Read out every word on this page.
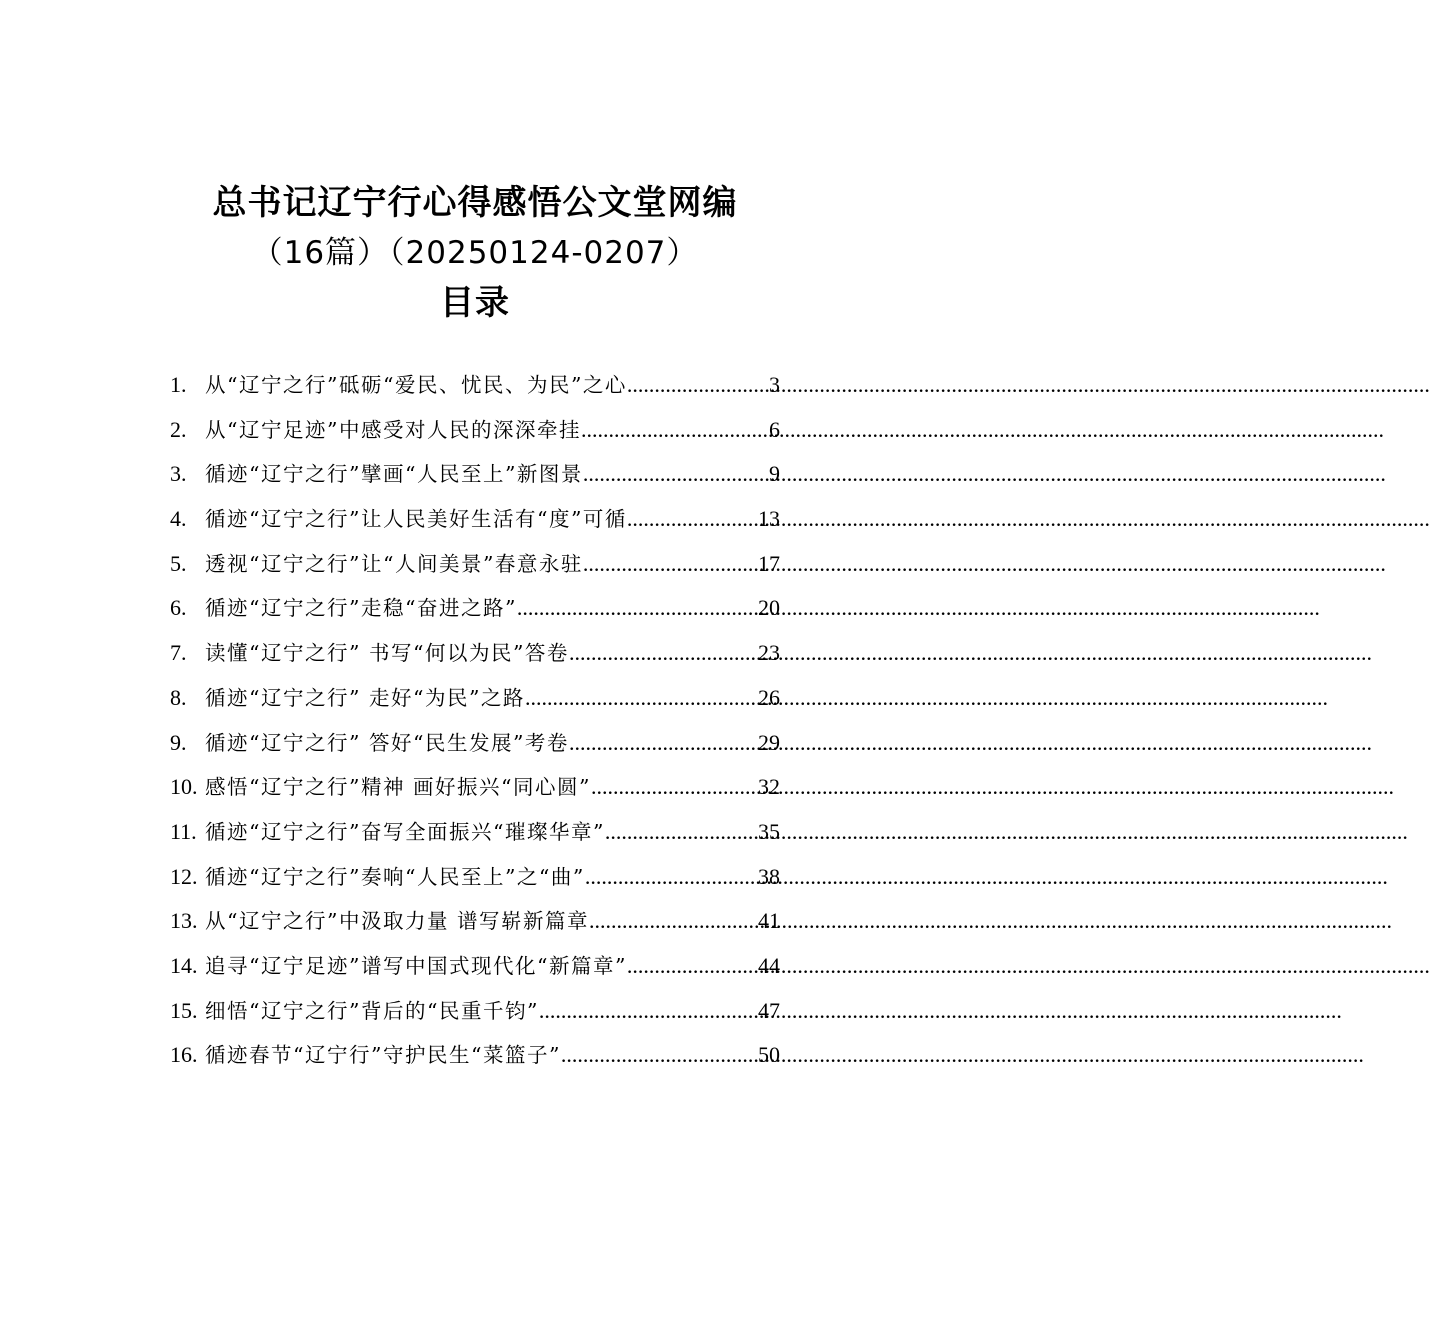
总书记辽宁行心得感悟公文堂网编
（16篇）（20250124-0207）
目录
1. 从“辽宁之行”砥砺“爱民、忧民、为民”之心 .....	3
2. 从“辽宁足迹”中感受对人民的深深牵挂 .....	6
3. 循迹“辽宁之行”擘画“人民至上”新图景 .....	9
4. 循迹“辽宁之行”让人民美好生活有“度”可循 .....	13
5. 透视“辽宁之行”让“人间美景”春意永驻 .....	17
6. 循迹“辽宁之行”走稳“奋进之路” .....	20
7. 读懂“辽宁之行” 书写“何以为民”答卷 .....	23
8. 循迹“辽宁之行” 走好“为民”之路 .....	26
9. 循迹“辽宁之行” 答好“民生发展”考卷 .....	29
10. 感悟“辽宁之行”精神 画好振兴“同心圆” .....	32
11. 循迹“辽宁之行”奋写全面振兴“璀璨华章” .....	35
12. 循迹“辽宁之行”奏响“人民至上”之“曲” .....	38
13. 从“辽宁之行”中汲取力量 谱写崭新篇章 .....	41
14. 追寻“辽宁足迹”谱写中国式现代化“新篇章” .....	44
15. 细悟“辽宁之行”背后的“民重千钧” .....	47
16. 循迹春节“辽宁行”守护民生“菜篮子” .....	50
